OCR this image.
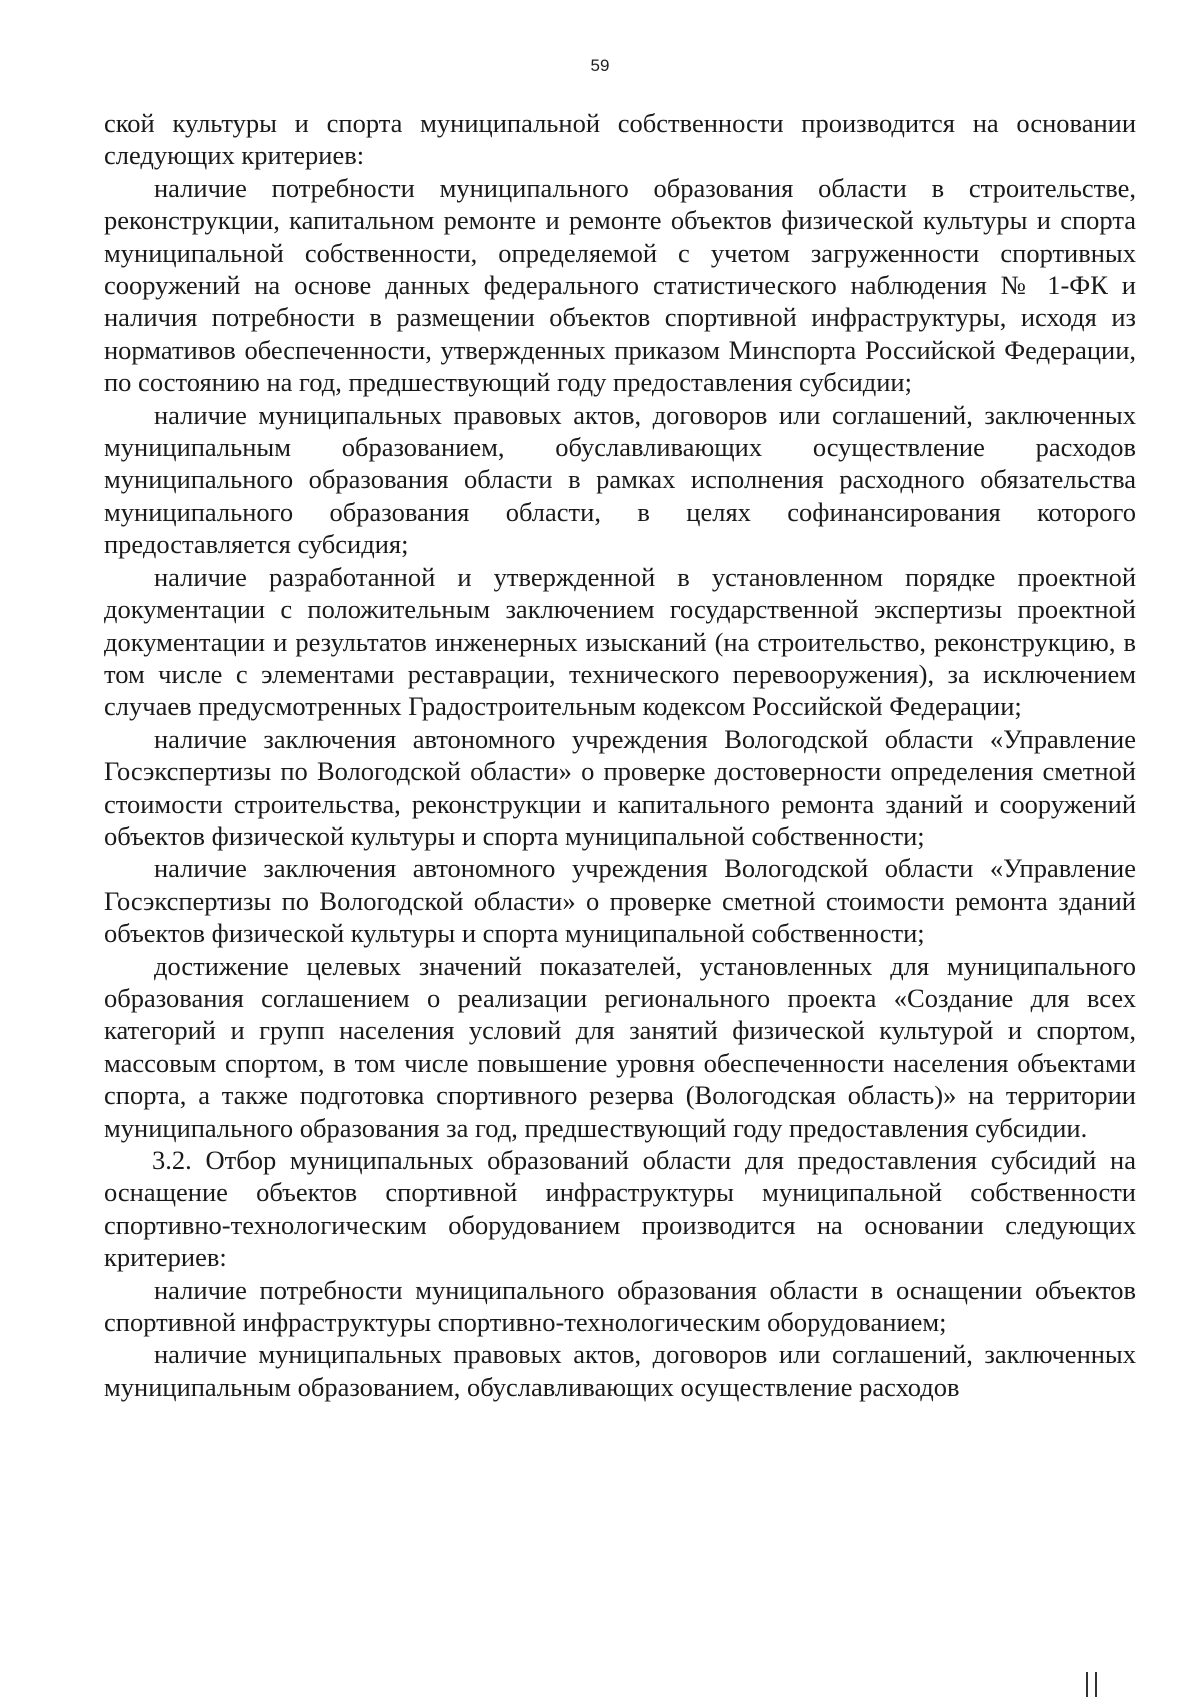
59

ской культуры и спорта муниципальной собственности производится на основании следующих критериев:

наличие потребности муниципального образования области в строительстве, реконструкции, капитальном ремонте и ремонте объектов физической культуры и спорта муниципальной собственности, определяемой с учетом загруженности спортивных сооружений на основе данных федерального статистического наблюдения № 1-ФК и наличия потребности в размещении объектов спортивной инфраструктуры, исходя из нормативов обеспеченности, утвержденных приказом Минспорта Российской Федерации, по состоянию на год, предшествующий году предоставления субсидии;

наличие муниципальных правовых актов, договоров или соглашений, заключенных муниципальным образованием, обуславливающих осуществление расходов муниципального образования области в рамках исполнения расходного обязательства муниципального образования области, в целях софинансирования которого предоставляется субсидия;

наличие разработанной и утвержденной в установленном порядке проектной документации с положительным заключением государственной экспертизы проектной документации и результатов инженерных изысканий (на строительство, реконструкцию, в том числе с элементами реставрации, технического перевооружения), за исключением случаев предусмотренных Градостроительным кодексом Российской Федерации;

наличие заключения автономного учреждения Вологодской области «Управление Госэкспертизы по Вологодской области» о проверке достоверности определения сметной стоимости строительства, реконструкции и капитального ремонта зданий и сооружений объектов физической культуры и спорта муниципальной собственности;

наличие заключения автономного учреждения Вологодской области «Управление Госэкспертизы по Вологодской области» о проверке сметной стоимости ремонта зданий объектов физической культуры и спорта муниципальной собственности;

достижение целевых значений показателей, установленных для муниципального образования соглашением о реализации регионального проекта «Создание для всех категорий и групп населения условий для занятий физической культурой и спортом, массовым спортом, в том числе повышение уровня обеспеченности населения объектами спорта, а также подготовка спортивного резерва (Вологодская область)» на территории муниципального образования за год, предшествующий году предоставления субсидии.

3.2. Отбор муниципальных образований области для предоставления субсидий на оснащение объектов спортивной инфраструктуры муниципальной собственности спортивно-технологическим оборудованием производится на основании следующих критериев:

наличие потребности муниципального образования области в оснащении объектов спортивной инфраструктуры спортивно-технологическим оборудованием;

наличие муниципальных правовых актов, договоров или соглашений, заключенных муниципальным образованием, обуславливающих осуществление расходов
